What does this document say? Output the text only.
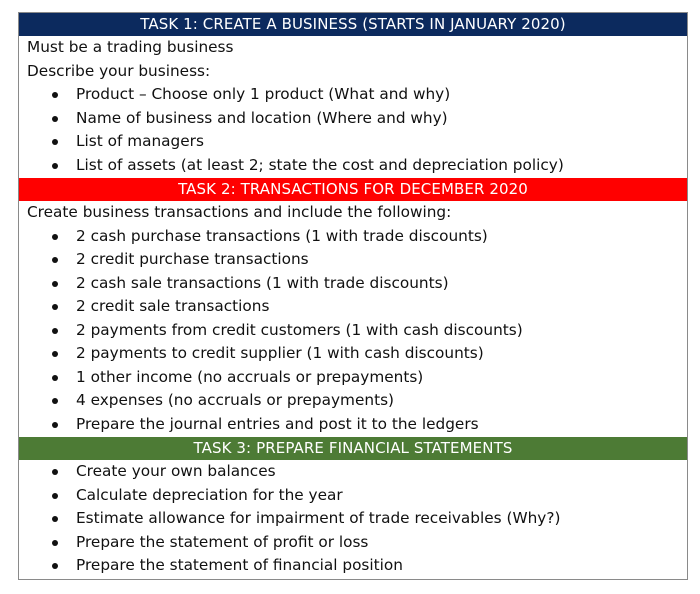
TASK 1: CREATE A BUSINESS (STARTS IN JANUARY 2020)
Must be a trading business
Describe your business:
Product – Choose only 1 product (What and why)
Name of business and location (Where and why)
List of managers
List of assets (at least 2; state the cost and depreciation policy)
TASK 2: TRANSACTIONS FOR DECEMBER 2020
Create business transactions and include the following:
2 cash purchase transactions (1 with trade discounts)
2 credit purchase transactions
2 cash sale transactions (1 with trade discounts)
2 credit sale transactions
2 payments from credit customers (1 with cash discounts)
2 payments to credit supplier (1 with cash discounts)
1 other income (no accruals or prepayments)
4 expenses (no accruals or prepayments)
Prepare the journal entries and post it to the ledgers
TASK 3: PREPARE FINANCIAL STATEMENTS
Create your own balances
Calculate depreciation for the year
Estimate allowance for impairment of trade receivables (Why?)
Prepare the statement of profit or loss
Prepare the statement of financial position
